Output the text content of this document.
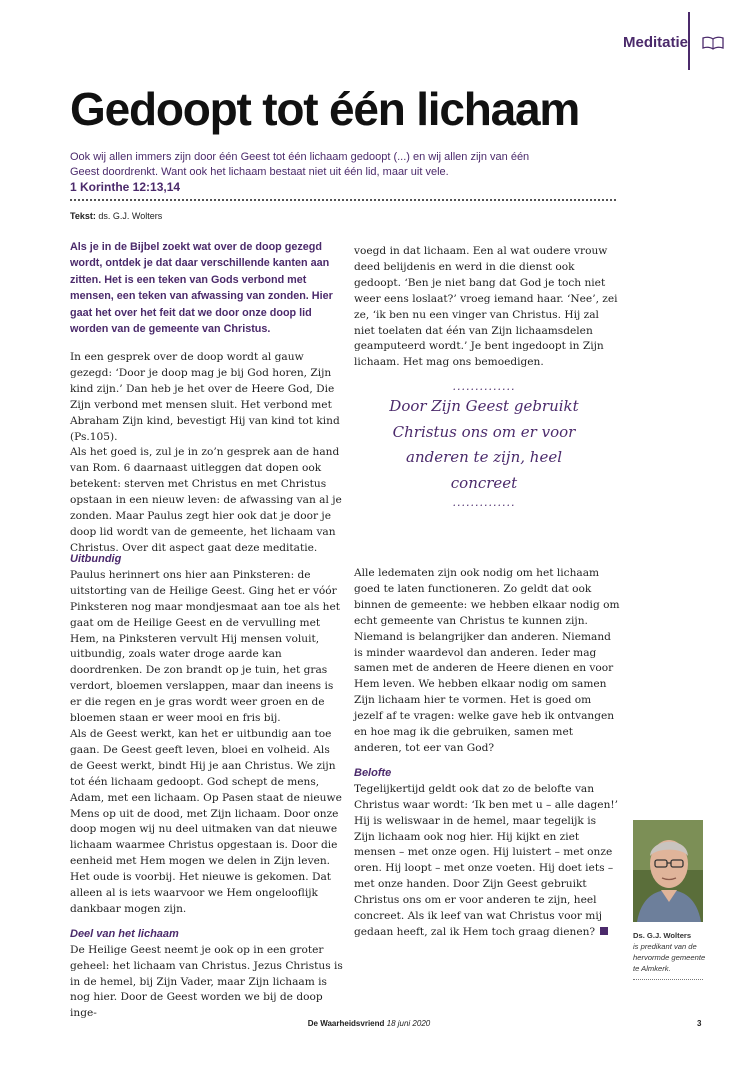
Meditatie
Gedoopt tot één lichaam
Ook wij allen immers zijn door één Geest tot één lichaam gedoopt (...) en wij allen zijn van één Geest doordrenkt. Want ook het lichaam bestaat niet uit één lid, maar uit vele.
1 Korinthe 12:13,14
Tekst: ds. G.J. Wolters
Als je in de Bijbel zoekt wat over de doop gezegd wordt, ontdek je dat daar verschillende kanten aan zitten. Het is een teken van Gods verbond met mensen, een teken van afwassing van zonden. Hier gaat het over het feit dat we door onze doop lid worden van de gemeente van Christus.

In een gesprek over de doop wordt al gauw gezegd: ‘Door je doop mag je bij God horen, Zijn kind zijn.’ Dan heb je het over de Heere God, Die Zijn verbond met mensen sluit. Het verbond met Abraham Zijn kind, bevestigt Hij van kind tot kind (Ps.105).

Als het goed is, zul je in zo’n gesprek aan de hand van Rom. 6 daarnaast uitleggen dat dopen ook betekent: sterven met Christus en met Christus opstaan in een nieuw leven: de afwassing van al je zonden. Maar Paulus zegt hier ook dat je door je doop lid wordt van de gemeente, het lichaam van Christus. Over dit aspect gaat deze meditatie.

voegd in dat lichaam. Een al wat oudere vrouw deed belijdenis en werd in die dienst ook gedoopt. ‘Ben je niet bang dat God je toch niet weer eens loslaat?’ vroeg iemand haar. ‘Nee’, zei ze, ‘ik ben nu een vinger van Christus. Hij zal niet toelaten dat één van Zijn lichaamsdelen geamputeerd wordt.’ Je bent ingedoopt in Zijn lichaam. Het mag ons bemoedigen.

..............
Door Zijn Geest gebruikt Christus ons om er voor anderen te zijn, heel concreet
..............
Uitbundig

Paulus herinnert ons hier aan Pinksteren: de uitstorting van de Heilige Geest. Ging het er vóór Pinksteren nog maar mondjesmaat aan toe als het gaat om de Heilige Geest en de vervulling met Hem, na Pinksteren vervult Hij mensen voluit, uitbundig, zoals water droge aarde kan doordrenken. De zon brandt op je tuin, het gras verdort, bloemen verslappen, maar dan ineens is er die regen en je gras wordt weer groen en de bloemen staan er weer mooi en fris bij.

Als de Geest werkt, kan het er uitbundig aan toe gaan. De Geest geeft leven, bloei en volheid. Als de Geest werkt, bindt Hij je aan Christus. We zijn tot één lichaam gedoopt. God schept de mens, Adam, met een lichaam. Op Pasen staat de nieuwe Mens op uit de dood, met Zijn lichaam. Door onze doop mogen wij nu deel uitmaken van dat nieuwe lichaam waarmee Christus opgestaan is. Door die eenheid met Hem mogen we delen in Zijn leven. Het oude is voorbij. Het nieuwe is gekomen. Dat alleen al is iets waarvoor we Hem ongelooflijk dankbaar mogen zijn.

Deel van het lichaam

De Heilige Geest neemt je ook op in een groter geheel: het lichaam van Christus. Jezus Christus is in de hemel, bij Zijn Vader, maar Zijn lichaam is nog hier. Door de Geest worden we bij de doop inge-

Alle ledematen zijn ook nodig om het lichaam goed te laten functioneren. Zo geldt dat ook binnen de gemeente: we hebben elkaar nodig om echt gemeente van Christus te kunnen zijn. Niemand is belangrijker dan anderen. Niemand is minder waardevol dan anderen. Ieder mag samen met de anderen de Heere dienen en voor Hem leven. We hebben elkaar nodig om samen Zijn lichaam hier te vormen. Het is goed om jezelf af te vragen: welke gave heb ik ontvangen en hoe mag ik die gebruiken, samen met anderen, tot eer van God?

Belofte

Tegelijkertijd geldt ook dat zo de belofte van Christus waar wordt: ‘Ik ben met u – alle dagen!’ Hij is weliswaar in de hemel, maar tegelijk is Zijn lichaam ook nog hier. Hij kijkt en ziet mensen – met onze ogen. Hij luistert – met onze oren. Hij loopt – met onze voeten. Hij doet iets – met onze handen. Door Zijn Geest gebruikt Christus ons om er voor anderen te zijn, heel concreet. Als ik leef van wat Christus voor mij gedaan heeft, zal ik Hem toch graag dienen?	Ds. G.J. Wolters
is predikant van de hervormde gemeente te Almkerk.
De Waarheidsvriend 18 juni 2020	3
